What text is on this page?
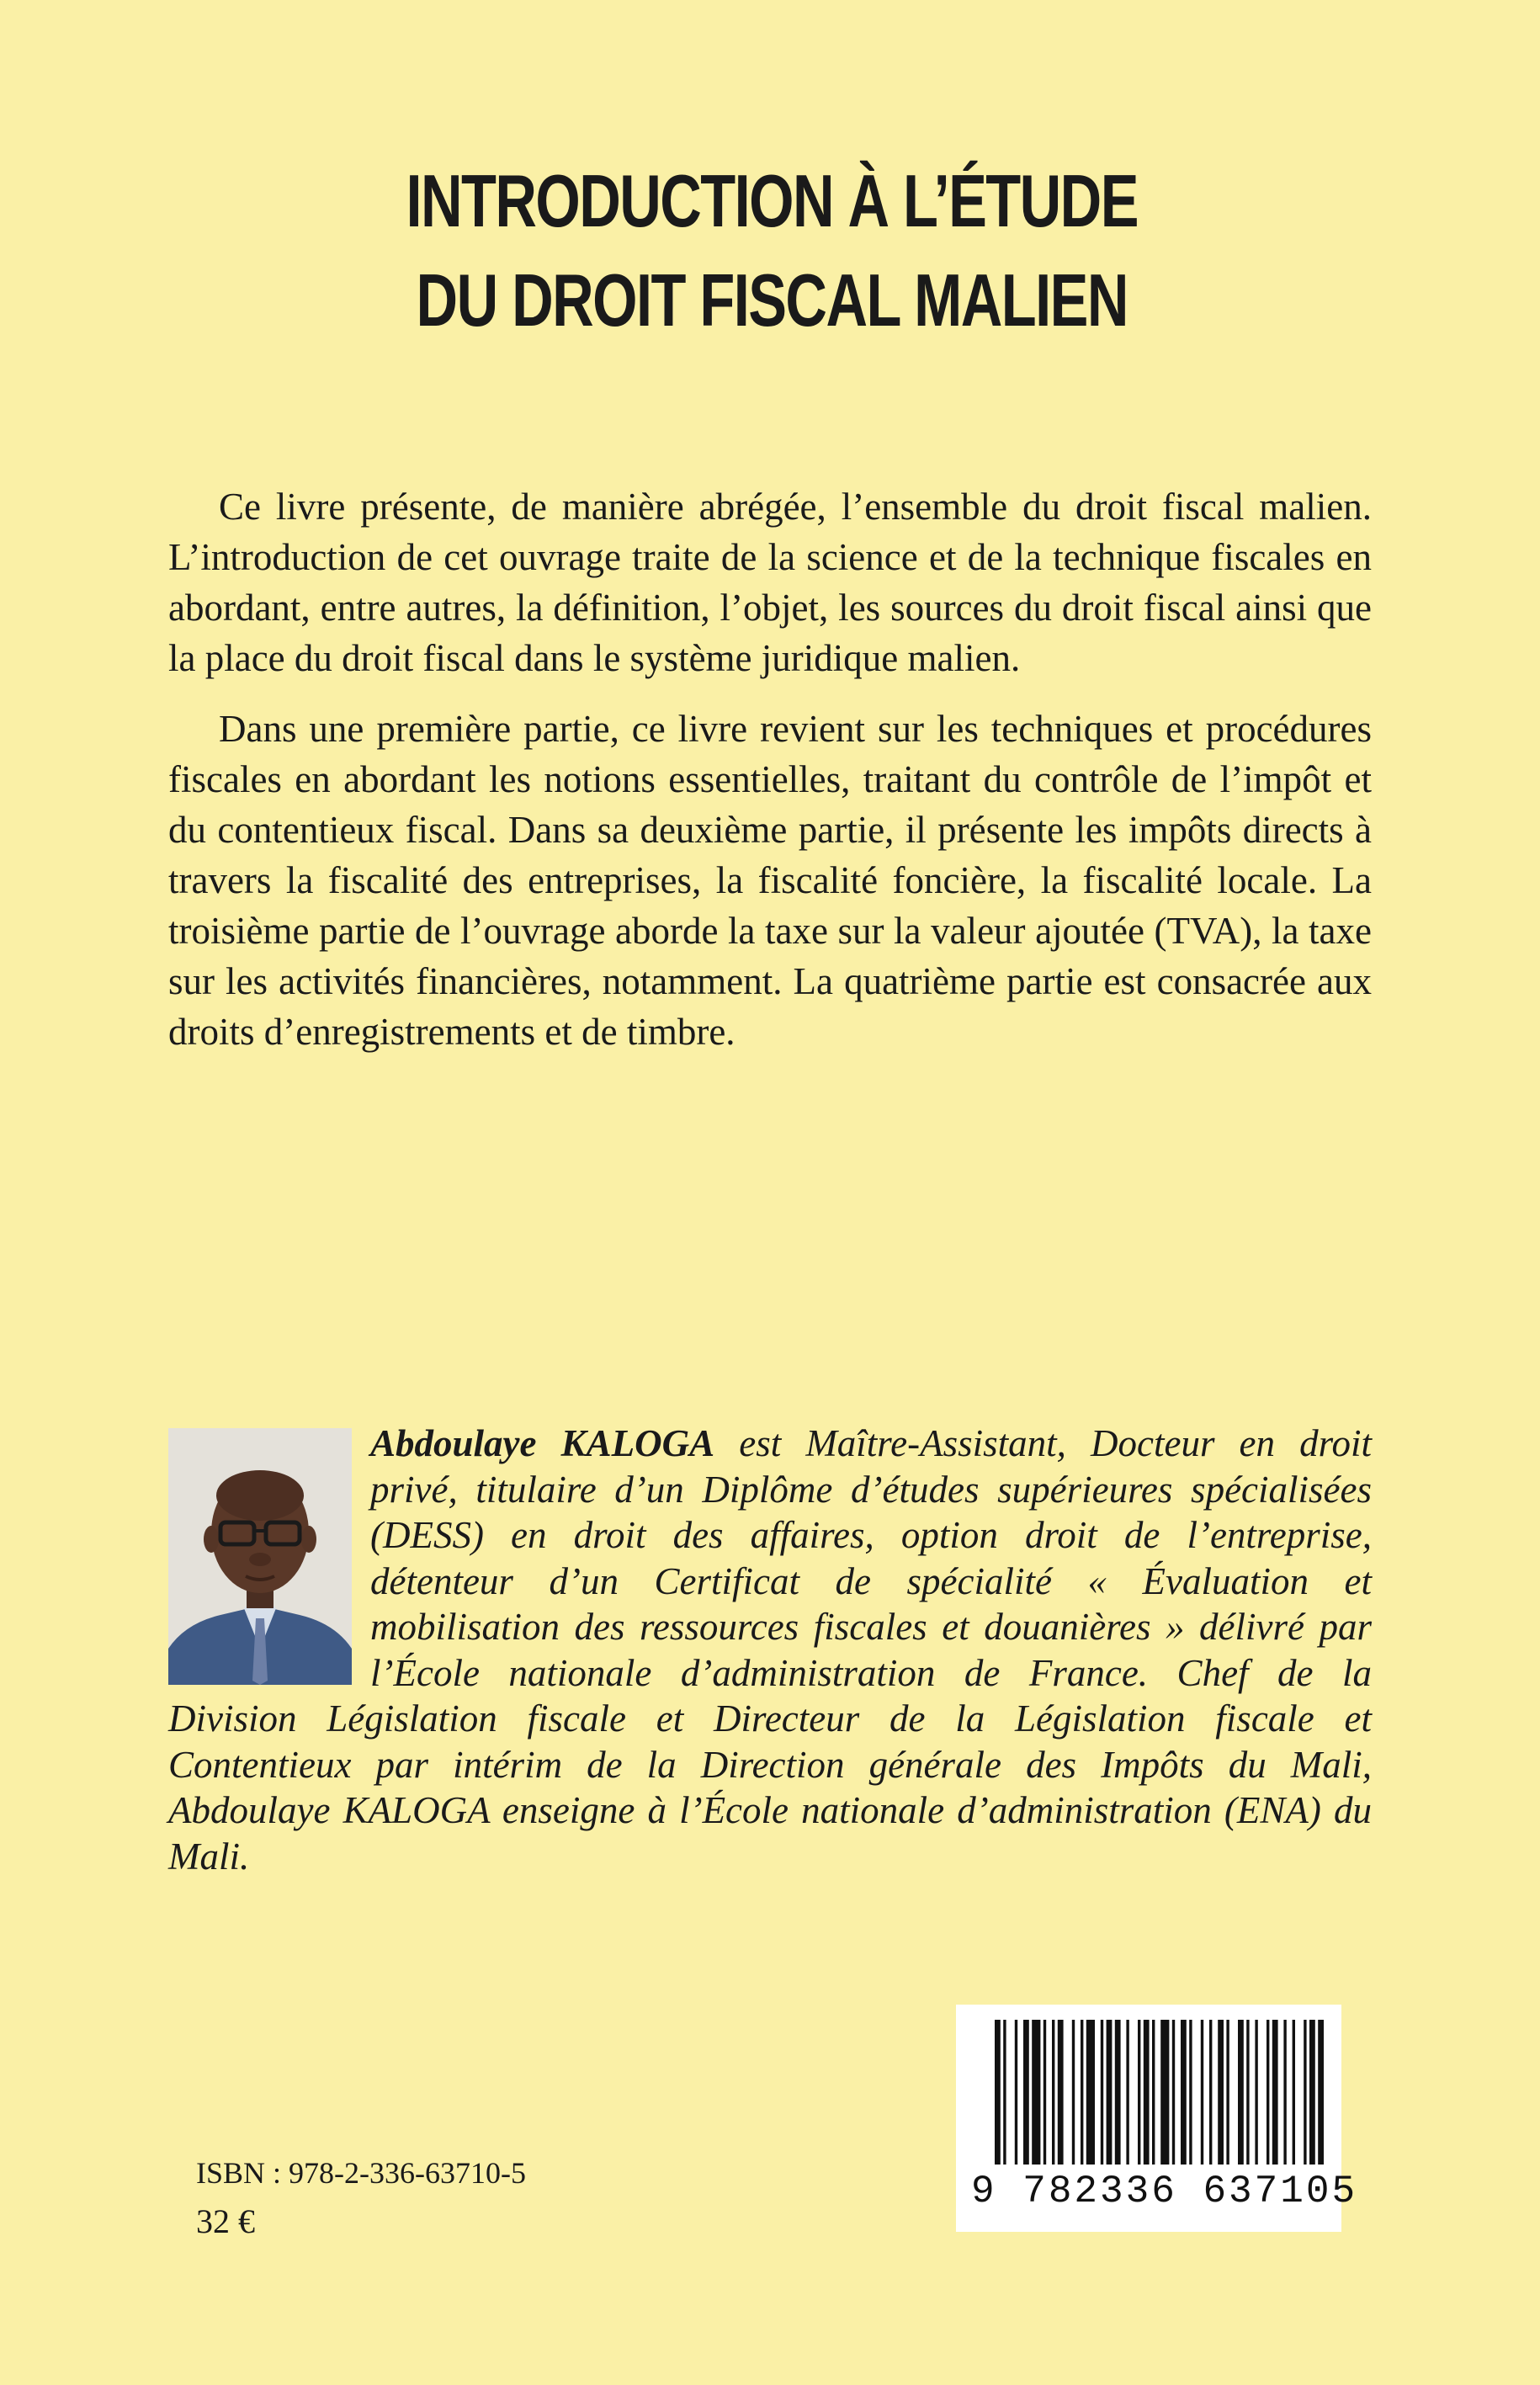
INTRODUCTION À L’ÉTUDE
DU DROIT FISCAL MALIEN

Ce livre présente, de manière abrégée, l’ensemble du droit fiscal malien. L’introduction de cet ouvrage traite de la science et de la technique fiscales en abordant, entre autres, la définition, l’objet, les sources du droit fiscal ainsi que la place du droit fiscal dans le système juridique malien.

Dans une première partie, ce livre revient sur les techniques et procédures fiscales en abordant les notions essentielles, traitant du contrôle de l’impôt et du contentieux fiscal. Dans sa deuxième partie, il présente les impôts directs à travers la fiscalité des entreprises, la fiscalité foncière, la fiscalité locale. La troisième partie de l’ouvrage aborde la taxe sur la valeur ajoutée (TVA), la taxe sur les activités financières, notamment. La quatrième partie est consacrée aux droits d’enregistrements et de timbre.

Abdoulaye KALOGA est Maître-Assistant, Docteur en droit privé, titulaire d’un Diplôme d’études supérieures spécialisées (DESS) en droit des affaires, option droit de l’entreprise, détenteur d’un Certificat de spécialité « Évaluation et mobilisation des ressources fiscales et douanières » délivré par l’École nationale d’administration de France. Chef de la Division Législation fiscale et Directeur de la Législation fiscale et Contentieux par intérim de la Direction générale des Impôts du Mali, Abdoulaye KALOGA enseigne à l’École nationale d’administration (ENA) du Mali.
ISBN : 978-2-336-63710-5
32 €
9 782336 637105
